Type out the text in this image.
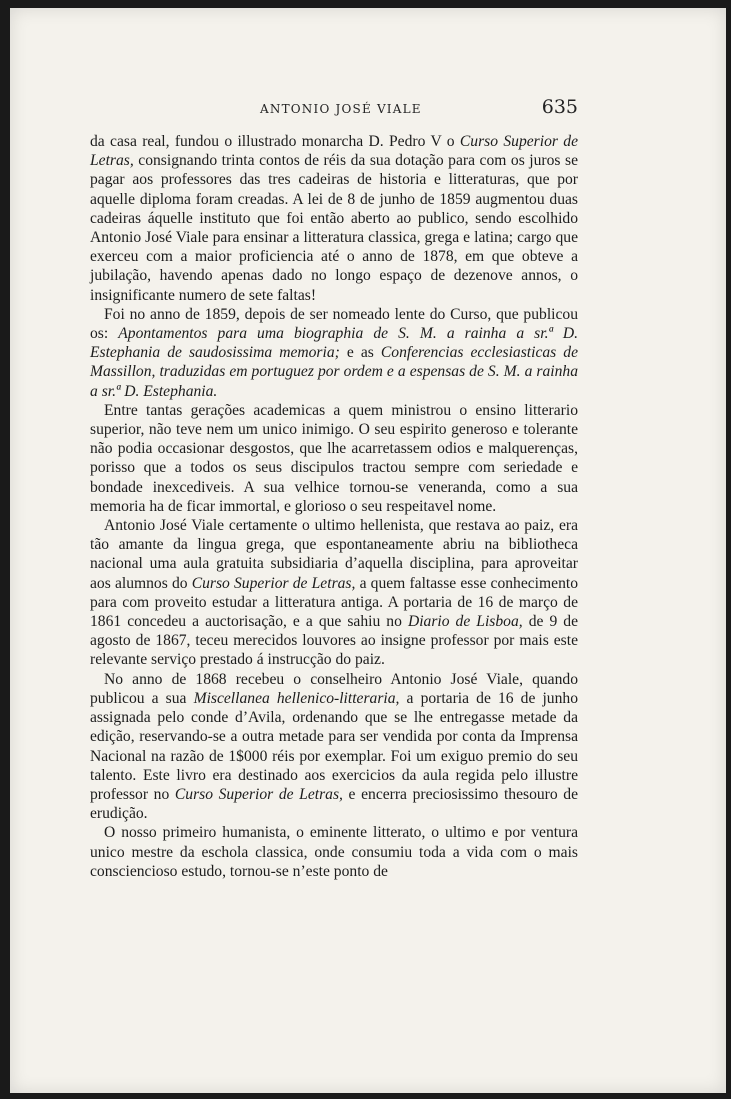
ANTONIO JOSÉ VIALE	635

da casa real, fundou o illustrado monarcha D. Pedro V o Curso Superior de Letras, consignando trinta contos de réis da sua dotação para com os juros se pagar aos professores das tres cadeiras de historia e litteraturas, que por aquelle diploma foram creadas. A lei de 8 de junho de 1859 augmentou duas cadeiras áquelle instituto que foi então aberto ao publico, sendo escolhido Antonio José Viale para ensinar a litteratura classica, grega e latina; cargo que exerceu com a maior proficiencia até o anno de 1878, em que obteve a jubilação, havendo apenas dado no longo espaço de dezenove annos, o insignificante numero de sete faltas!

Foi no anno de 1859, depois de ser nomeado lente do Curso, que publicou os: Apontamentos para uma biographia de S. M. a rainha a sr.ª D. Estephania de saudosissima memoria; e as Conferencias ecclesiasticas de Massillon, traduzidas em portuguez por ordem e a espensas de S. M. a rainha a sr.ª D. Estephania.

Entre tantas gerações academicas a quem ministrou o ensino litterario superior, não teve nem um unico inimigo. O seu espirito generoso e tolerante não podia occasionar desgostos, que lhe acarretassem odios e malquerenças, porisso que a todos os seus discipulos tractou sempre com seriedade e bondade inexcediveis. A sua velhice tornou-se veneranda, como a sua memoria ha de ficar immortal, e glorioso o seu respeitavel nome.

Antonio José Viale certamente o ultimo hellenista, que restava ao paiz, era tão amante da lingua grega, que espontaneamente abriu na bibliotheca nacional uma aula gratuita subsidiaria d’aquella disciplina, para aproveitar aos alumnos do Curso Superior de Letras, a quem faltasse esse conhecimento para com proveito estudar a litteratura antiga. A portaria de 16 de março de 1861 concedeu a auctorisação, e a que sahiu no Diario de Lisboa, de 9 de agosto de 1867, teceu merecidos louvores ao insigne professor por mais este relevante serviço prestado á instrucção do paiz.

No anno de 1868 recebeu o conselheiro Antonio José Viale, quando publicou a sua Miscellanea hellenico-litteraria, a portaria de 16 de junho assignada pelo conde d’Avila, ordenando que se lhe entregasse metade da edição, reservando-se a outra metade para ser vendida por conta da Imprensa Nacional na razão de 1$000 réis por exemplar. Foi um exiguo premio do seu talento. Este livro era destinado aos exercicios da aula regida pelo illustre professor no Curso Superior de Letras, e encerra preciosissimo thesouro de erudição.

O nosso primeiro humanista, o eminente litterato, o ultimo e por ventura unico mestre da eschola classica, onde consumiu toda a vida com o mais consciencioso estudo, tornou-se n’este ponto de
